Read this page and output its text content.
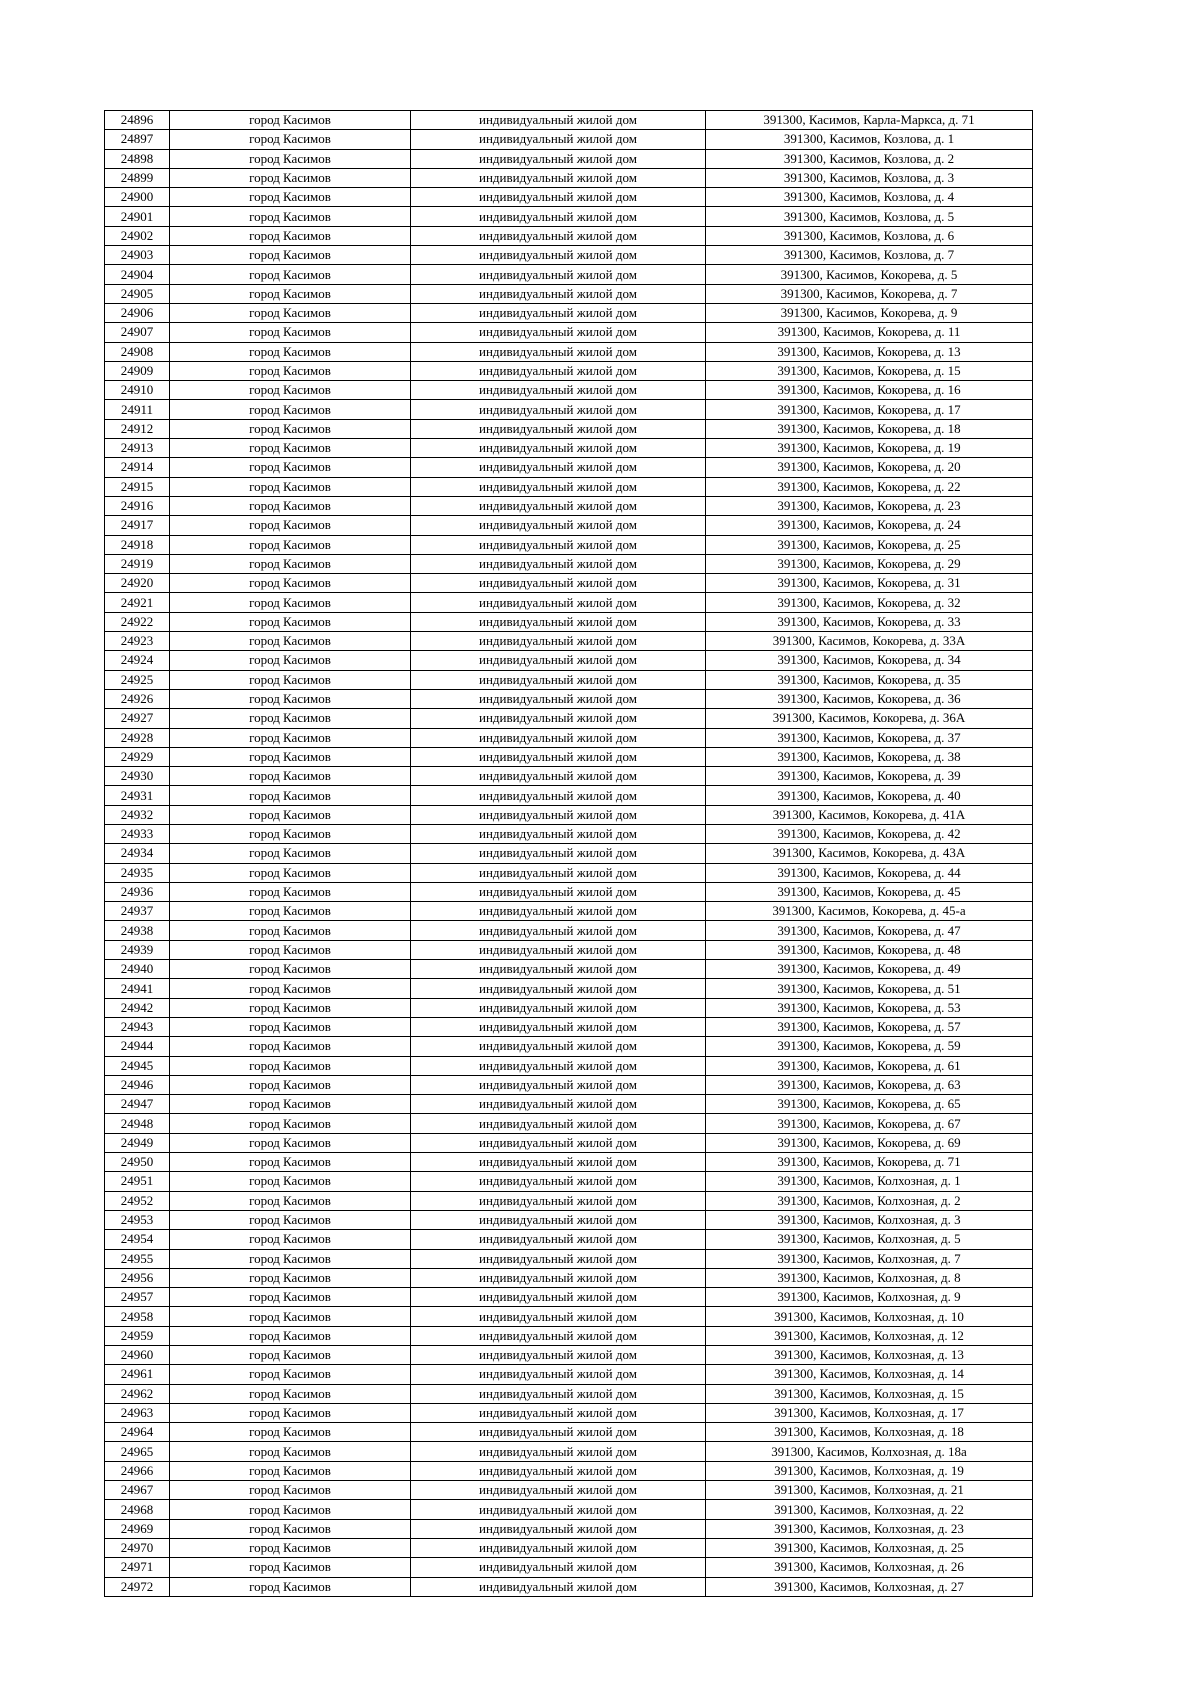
24896	город Касимов	индивидуальный жилой дом	391300, Касимов, Карла-Маркса, д. 71
24897	город Касимов	индивидуальный жилой дом	391300, Касимов, Козлова, д. 1
24898	город Касимов	индивидуальный жилой дом	391300, Касимов, Козлова, д. 2
24899	город Касимов	индивидуальный жилой дом	391300, Касимов, Козлова, д. 3
24900	город Касимов	индивидуальный жилой дом	391300, Касимов, Козлова, д. 4
24901	город Касимов	индивидуальный жилой дом	391300, Касимов, Козлова, д. 5
24902	город Касимов	индивидуальный жилой дом	391300, Касимов, Козлова, д. 6
24903	город Касимов	индивидуальный жилой дом	391300, Касимов, Козлова, д. 7
24904	город Касимов	индивидуальный жилой дом	391300, Касимов, Кокорева, д. 5
24905	город Касимов	индивидуальный жилой дом	391300, Касимов, Кокорева, д. 7
24906	город Касимов	индивидуальный жилой дом	391300, Касимов, Кокорева, д. 9
24907	город Касимов	индивидуальный жилой дом	391300, Касимов, Кокорева, д. 11
24908	город Касимов	индивидуальный жилой дом	391300, Касимов, Кокорева, д. 13
24909	город Касимов	индивидуальный жилой дом	391300, Касимов, Кокорева, д. 15
24910	город Касимов	индивидуальный жилой дом	391300, Касимов, Кокорева, д. 16
24911	город Касимов	индивидуальный жилой дом	391300, Касимов, Кокорева, д. 17
24912	город Касимов	индивидуальный жилой дом	391300, Касимов, Кокорева, д. 18
24913	город Касимов	индивидуальный жилой дом	391300, Касимов, Кокорева, д. 19
24914	город Касимов	индивидуальный жилой дом	391300, Касимов, Кокорева, д. 20
24915	город Касимов	индивидуальный жилой дом	391300, Касимов, Кокорева, д. 22
24916	город Касимов	индивидуальный жилой дом	391300, Касимов, Кокорева, д. 23
24917	город Касимов	индивидуальный жилой дом	391300, Касимов, Кокорева, д. 24
24918	город Касимов	индивидуальный жилой дом	391300, Касимов, Кокорева, д. 25
24919	город Касимов	индивидуальный жилой дом	391300, Касимов, Кокорева, д. 29
24920	город Касимов	индивидуальный жилой дом	391300, Касимов, Кокорева, д. 31
24921	город Касимов	индивидуальный жилой дом	391300, Касимов, Кокорева, д. 32
24922	город Касимов	индивидуальный жилой дом	391300, Касимов, Кокорева, д. 33
24923	город Касимов	индивидуальный жилой дом	391300, Касимов, Кокорева, д. 33А
24924	город Касимов	индивидуальный жилой дом	391300, Касимов, Кокорева, д. 34
24925	город Касимов	индивидуальный жилой дом	391300, Касимов, Кокорева, д. 35
24926	город Касимов	индивидуальный жилой дом	391300, Касимов, Кокорева, д. 36
24927	город Касимов	индивидуальный жилой дом	391300, Касимов, Кокорева, д. 36А
24928	город Касимов	индивидуальный жилой дом	391300, Касимов, Кокорева, д. 37
24929	город Касимов	индивидуальный жилой дом	391300, Касимов, Кокорева, д. 38
24930	город Касимов	индивидуальный жилой дом	391300, Касимов, Кокорева, д. 39
24931	город Касимов	индивидуальный жилой дом	391300, Касимов, Кокорева, д. 40
24932	город Касимов	индивидуальный жилой дом	391300, Касимов, Кокорева, д. 41А
24933	город Касимов	индивидуальный жилой дом	391300, Касимов, Кокорева, д. 42
24934	город Касимов	индивидуальный жилой дом	391300, Касимов, Кокорева, д. 43А
24935	город Касимов	индивидуальный жилой дом	391300, Касимов, Кокорева, д. 44
24936	город Касимов	индивидуальный жилой дом	391300, Касимов, Кокорева, д. 45
24937	город Касимов	индивидуальный жилой дом	391300, Касимов, Кокорева, д. 45-а
24938	город Касимов	индивидуальный жилой дом	391300, Касимов, Кокорева, д. 47
24939	город Касимов	индивидуальный жилой дом	391300, Касимов, Кокорева, д. 48
24940	город Касимов	индивидуальный жилой дом	391300, Касимов, Кокорева, д. 49
24941	город Касимов	индивидуальный жилой дом	391300, Касимов, Кокорева, д. 51
24942	город Касимов	индивидуальный жилой дом	391300, Касимов, Кокорева, д. 53
24943	город Касимов	индивидуальный жилой дом	391300, Касимов, Кокорева, д. 57
24944	город Касимов	индивидуальный жилой дом	391300, Касимов, Кокорева, д. 59
24945	город Касимов	индивидуальный жилой дом	391300, Касимов, Кокорева, д. 61
24946	город Касимов	индивидуальный жилой дом	391300, Касимов, Кокорева, д. 63
24947	город Касимов	индивидуальный жилой дом	391300, Касимов, Кокорева, д. 65
24948	город Касимов	индивидуальный жилой дом	391300, Касимов, Кокорева, д. 67
24949	город Касимов	индивидуальный жилой дом	391300, Касимов, Кокорева, д. 69
24950	город Касимов	индивидуальный жилой дом	391300, Касимов, Кокорева, д. 71
24951	город Касимов	индивидуальный жилой дом	391300, Касимов, Колхозная, д. 1
24952	город Касимов	индивидуальный жилой дом	391300, Касимов, Колхозная, д. 2
24953	город Касимов	индивидуальный жилой дом	391300, Касимов, Колхозная, д. 3
24954	город Касимов	индивидуальный жилой дом	391300, Касимов, Колхозная, д. 5
24955	город Касимов	индивидуальный жилой дом	391300, Касимов, Колхозная, д. 7
24956	город Касимов	индивидуальный жилой дом	391300, Касимов, Колхозная, д. 8
24957	город Касимов	индивидуальный жилой дом	391300, Касимов, Колхозная, д. 9
24958	город Касимов	индивидуальный жилой дом	391300, Касимов, Колхозная, д. 10
24959	город Касимов	индивидуальный жилой дом	391300, Касимов, Колхозная, д. 12
24960	город Касимов	индивидуальный жилой дом	391300, Касимов, Колхозная, д. 13
24961	город Касимов	индивидуальный жилой дом	391300, Касимов, Колхозная, д. 14
24962	город Касимов	индивидуальный жилой дом	391300, Касимов, Колхозная, д. 15
24963	город Касимов	индивидуальный жилой дом	391300, Касимов, Колхозная, д. 17
24964	город Касимов	индивидуальный жилой дом	391300, Касимов, Колхозная, д. 18
24965	город Касимов	индивидуальный жилой дом	391300, Касимов, Колхозная, д. 18а
24966	город Касимов	индивидуальный жилой дом	391300, Касимов, Колхозная, д. 19
24967	город Касимов	индивидуальный жилой дом	391300, Касимов, Колхозная, д. 21
24968	город Касимов	индивидуальный жилой дом	391300, Касимов, Колхозная, д. 22
24969	город Касимов	индивидуальный жилой дом	391300, Касимов, Колхозная, д. 23
24970	город Касимов	индивидуальный жилой дом	391300, Касимов, Колхозная, д. 25
24971	город Касимов	индивидуальный жилой дом	391300, Касимов, Колхозная, д. 26
24972	город Касимов	индивидуальный жилой дом	391300, Касимов, Колхозная, д. 27
